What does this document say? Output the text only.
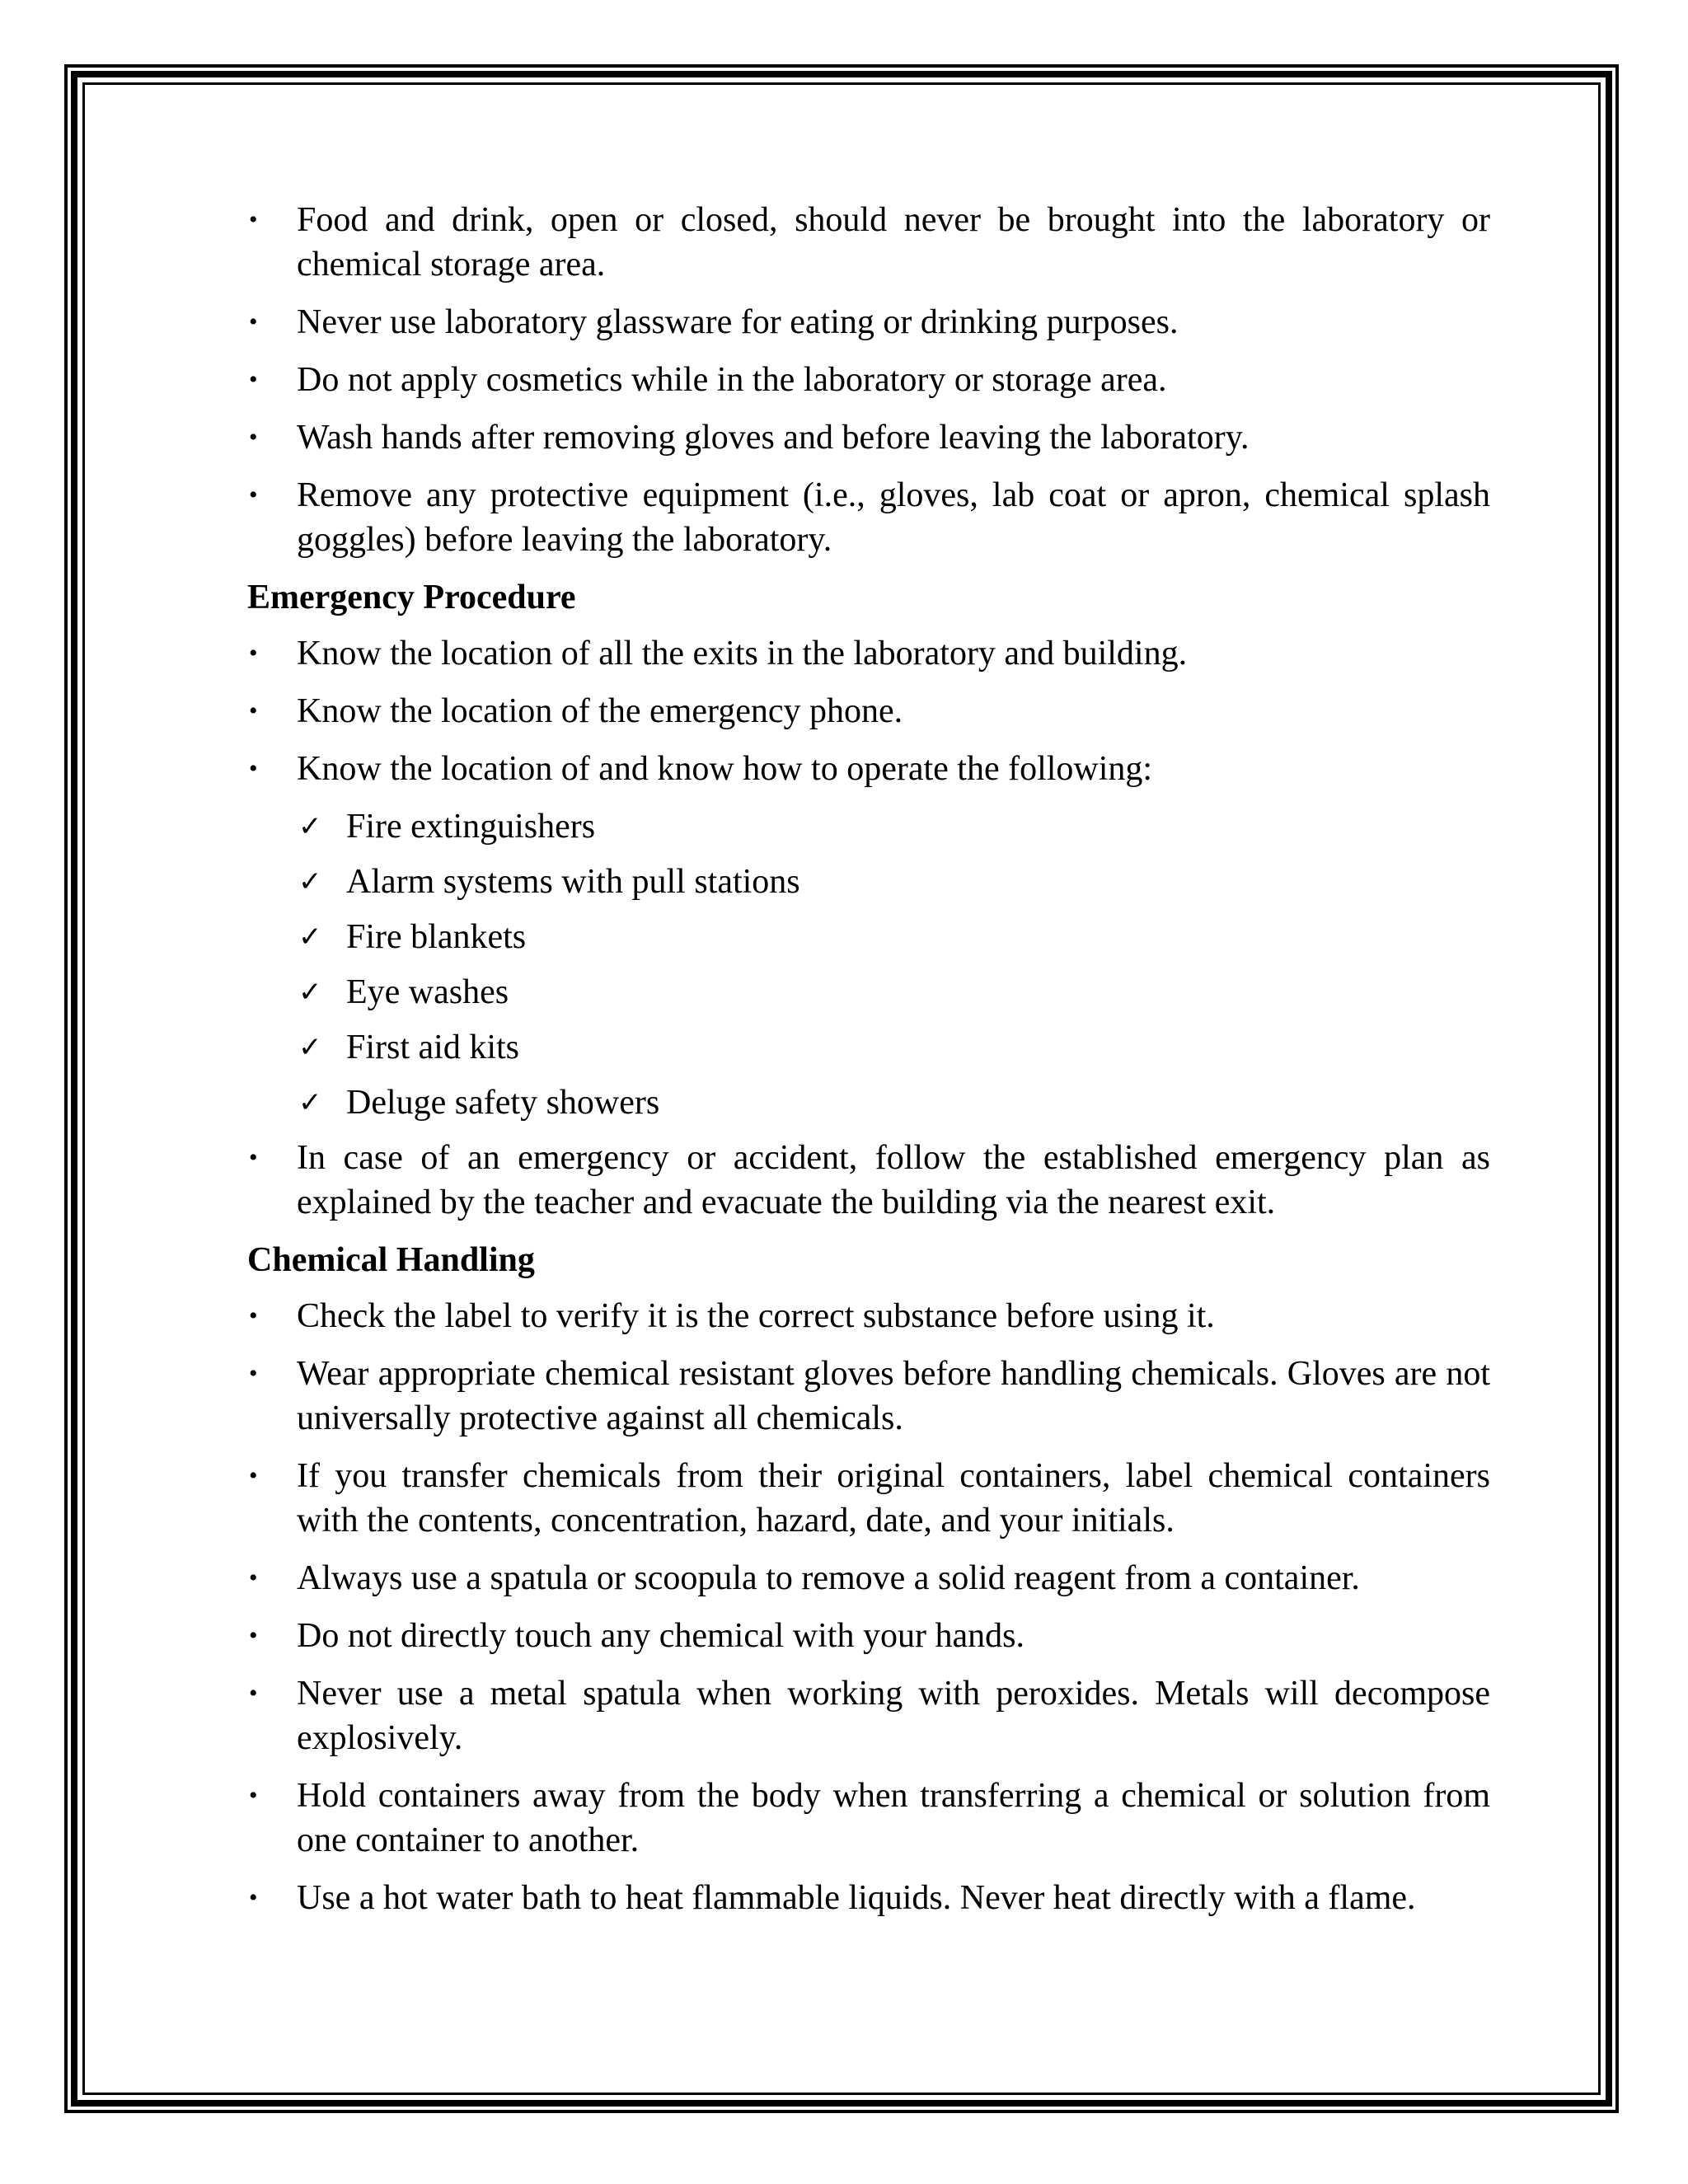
• Food and drink, open or closed, should never be brought into the laboratory or chemical storage area.
• Never use laboratory glassware for eating or drinking purposes.
• Do not apply cosmetics while in the laboratory or storage area.
• Wash hands after removing gloves and before leaving the laboratory.
• Remove any protective equipment (i.e., gloves, lab coat or apron, chemical splash goggles) before leaving the laboratory.
Emergency Procedure
• Know the location of all the exits in the laboratory and building.
• Know the location of the emergency phone.
• Know the location of and know how to operate the following:
✓ Fire extinguishers
✓ Alarm systems with pull stations
✓ Fire blankets
✓ Eye washes
✓ First aid kits
✓ Deluge safety showers
• In case of an emergency or accident, follow the established emergency plan as explained by the teacher and evacuate the building via the nearest exit.
Chemical Handling
• Check the label to verify it is the correct substance before using it.
• Wear appropriate chemical resistant gloves before handling chemicals. Gloves are not universally protective against all chemicals.
• If you transfer chemicals from their original containers, label chemical containers with the contents, concentration, hazard, date, and your initials.
• Always use a spatula or scoopula to remove a solid reagent from a container.
• Do not directly touch any chemical with your hands.
• Never use a metal spatula when working with peroxides. Metals will decompose explosively.
• Hold containers away from the body when transferring a chemical or solution from one container to another.
• Use a hot water bath to heat flammable liquids. Never heat directly with a flame.
